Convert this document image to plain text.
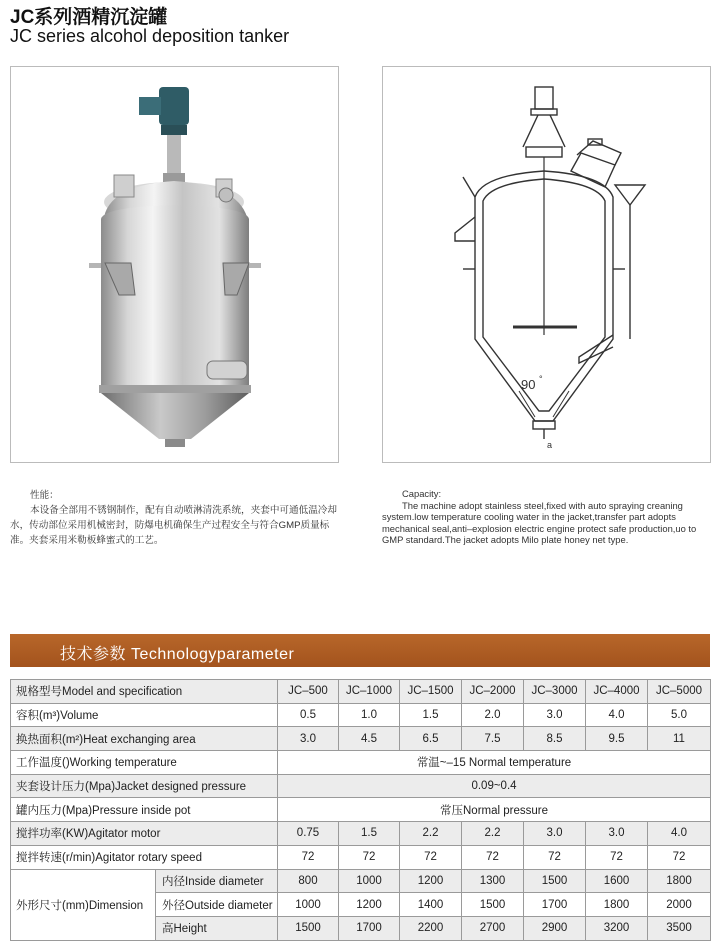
JC系列酒精沉淀罐
JC series alcohol deposition tanker
90 °
a
性能：
本设备全部用不锈钢制作，配有自动喷淋清洗系统，夹套中可通低温冷却水，传动部位采用机械密封，防爆电机确保生产过程安全与符合GMP质量标准。夹套采用米勒板蜂蜜式的工艺。
Capacity:
The machine adopt stainless steel,fixed with auto spraying creaning system.low temperature cooling water in the jacket,transfer part adopts mechanical seal,anti–explosion electric engine protect safe production,uo to GMP standard.The jacket adopts Milo plate honey net type.
技术参数 Technologyparameter
规格型号Model and specification		JC–500	JC–1000	JC–1500	JC–2000	JC–3000	JC–4000	JC–5000
容积(m³)Volume		0.5	1.0	1.5	2.0	3.0	4.0	5.0
换热面积(m²)Heat exchanging area		3.0	4.5	6.5	7.5	8.5	9.5	11
工作温度()Working temperature		常温~–15 Normal temperature						
夹套设计压力(Mpa)Jacket designed pressure		0.09~0.4						
罐内压力(Mpa)Pressure inside pot		常压Normal pressure						
搅拌功率(KW)Agitator motor		0.75	1.5	2.2	2.2	3.0	3.0	4.0
搅拌转速(r/min)Agitator rotary speed		72	72	72	72	72	72	72
外形尺寸(mm)Dimension	内径Inside diameter	800	1000	1200	1300	1500	1600	1800
	外径Outside diameter	1000	1200	1400	1500	1700	1800	2000
	高Height	1500	1700	2200	2700	2900	3200	3500
